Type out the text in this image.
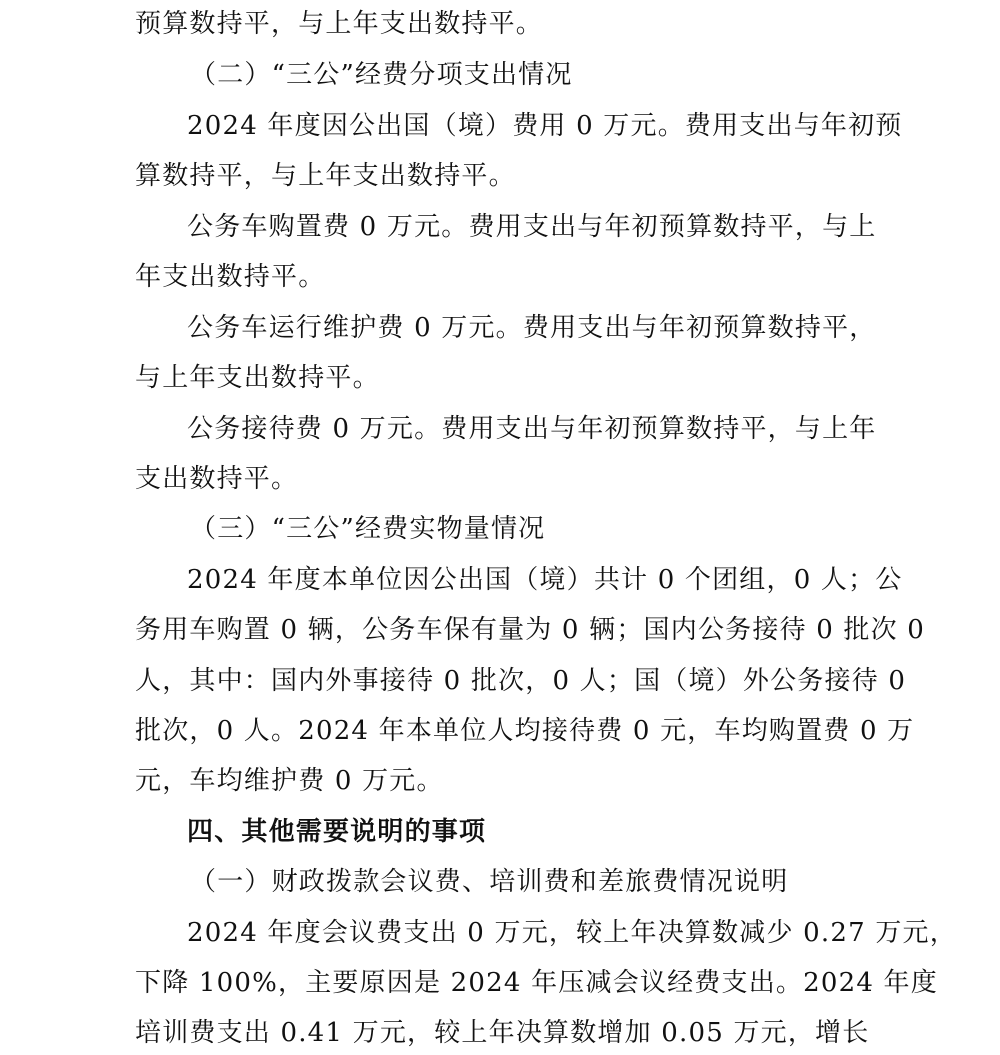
预算数持平，与上年支出数持平。
（二）“三公”经费分项支出情况
2024 年度因公出国（境）费用 0 万元。费用支出与年初预
算数持平，与上年支出数持平。
公务车购置费 0 万元。费用支出与年初预算数持平，与上
年支出数持平。
公务车运行维护费 0 万元。费用支出与年初预算数持平，
与上年支出数持平。
公务接待费 0 万元。费用支出与年初预算数持平，与上年
支出数持平。
（三）“三公”经费实物量情况
2024 年度本单位因公出国（境）共计 0 个团组，0 人；公
务用车购置 0 辆，公务车保有量为 0 辆；国内公务接待 0 批次 0
人，其中：国内外事接待 0 批次，0 人；国（境）外公务接待 0
批次，0 人。2024 年本单位人均接待费 0 元，车均购置费 0 万
元，车均维护费 0 万元。
四、其他需要说明的事项
（一）财政拨款会议费、培训费和差旅费情况说明
2024 年度会议费支出 0 万元，较上年决算数减少 0.27 万元，
下降 100%，主要原因是 2024 年压减会议经费支出。2024 年度
培训费支出 0.41 万元，较上年决算数增加 0.05 万元，增长
